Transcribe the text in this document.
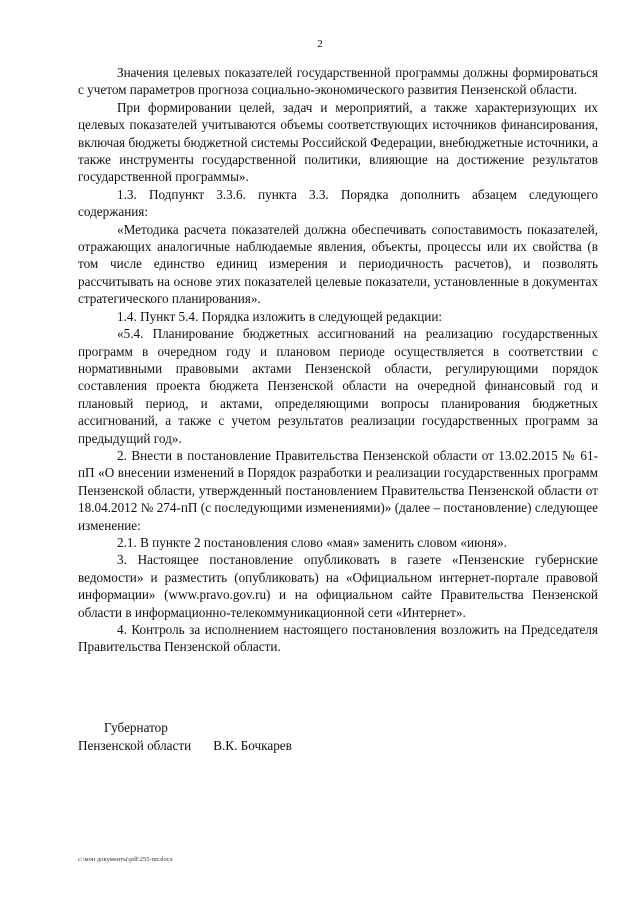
2

Значения целевых показателей государственной программы должны формироваться с учетом параметров прогноза социально-экономического развития Пензенской области.

При формировании целей, задач и мероприятий, а также характеризующих их целевых показателей учитываются объемы соответствующих источников финансирования, включая бюджеты бюджетной системы Российской Федерации, внебюджетные источники, а также инструменты государственной политики, влияющие на достижение результатов государственной программы».

1.3. Подпункт 3.3.6. пункта 3.3. Порядка дополнить абзацем следующего содержания:

«Методика расчета показателей должна обеспечивать сопоставимость показателей, отражающих аналогичные наблюдаемые явления, объекты, процессы или их свойства (в том числе единство единиц измерения и периодичность расчетов), и позволять рассчитывать на основе этих показателей целевые показатели, установленные в документах стратегического планирования».

1.4. Пункт 5.4. Порядка изложить в следующей редакции:

«5.4. Планирование бюджетных ассигнований на реализацию государственных программ в очередном году и плановом периоде осуществляется в соответствии с нормативными правовыми актами Пензенской области, регулирующими порядок составления проекта бюджета Пензенской области на очередной финансовый год и плановый период, и актами, определяющими вопросы планирования бюджетных ассигнований, а также с учетом результатов реализации государственных программ за предыдущий год».

2. Внести в постановление Правительства Пензенской области от 13.02.2015 № 61-пП «О внесении изменений в Порядок разработки и реализации государственных программ Пензенской области, утвержденный постановлением Правительства Пензенской области от 18.04.2012 № 274-пП (с последующими изменениями)» (далее – постановление) следующее изменение:

2.1. В пункте 2 постановления слово «мая» заменить словом «июня».

3. Настоящее постановление опубликовать в газете «Пензенские губернские ведомости» и разместить (опубликовать) на «Официальном интернет-портале правовой информации» (www.pravo.gov.ru) и на официальном сайте Правительства Пензенской области в информационно-телекоммуникационной сети «Интернет».

4. Контроль за исполнением настоящего постановления возложить на Председателя Правительства Пензенской области.

Губернатор
Пензенской области В.К. Бочкарев
c:\мои документы\pdf\255-пп.docx
